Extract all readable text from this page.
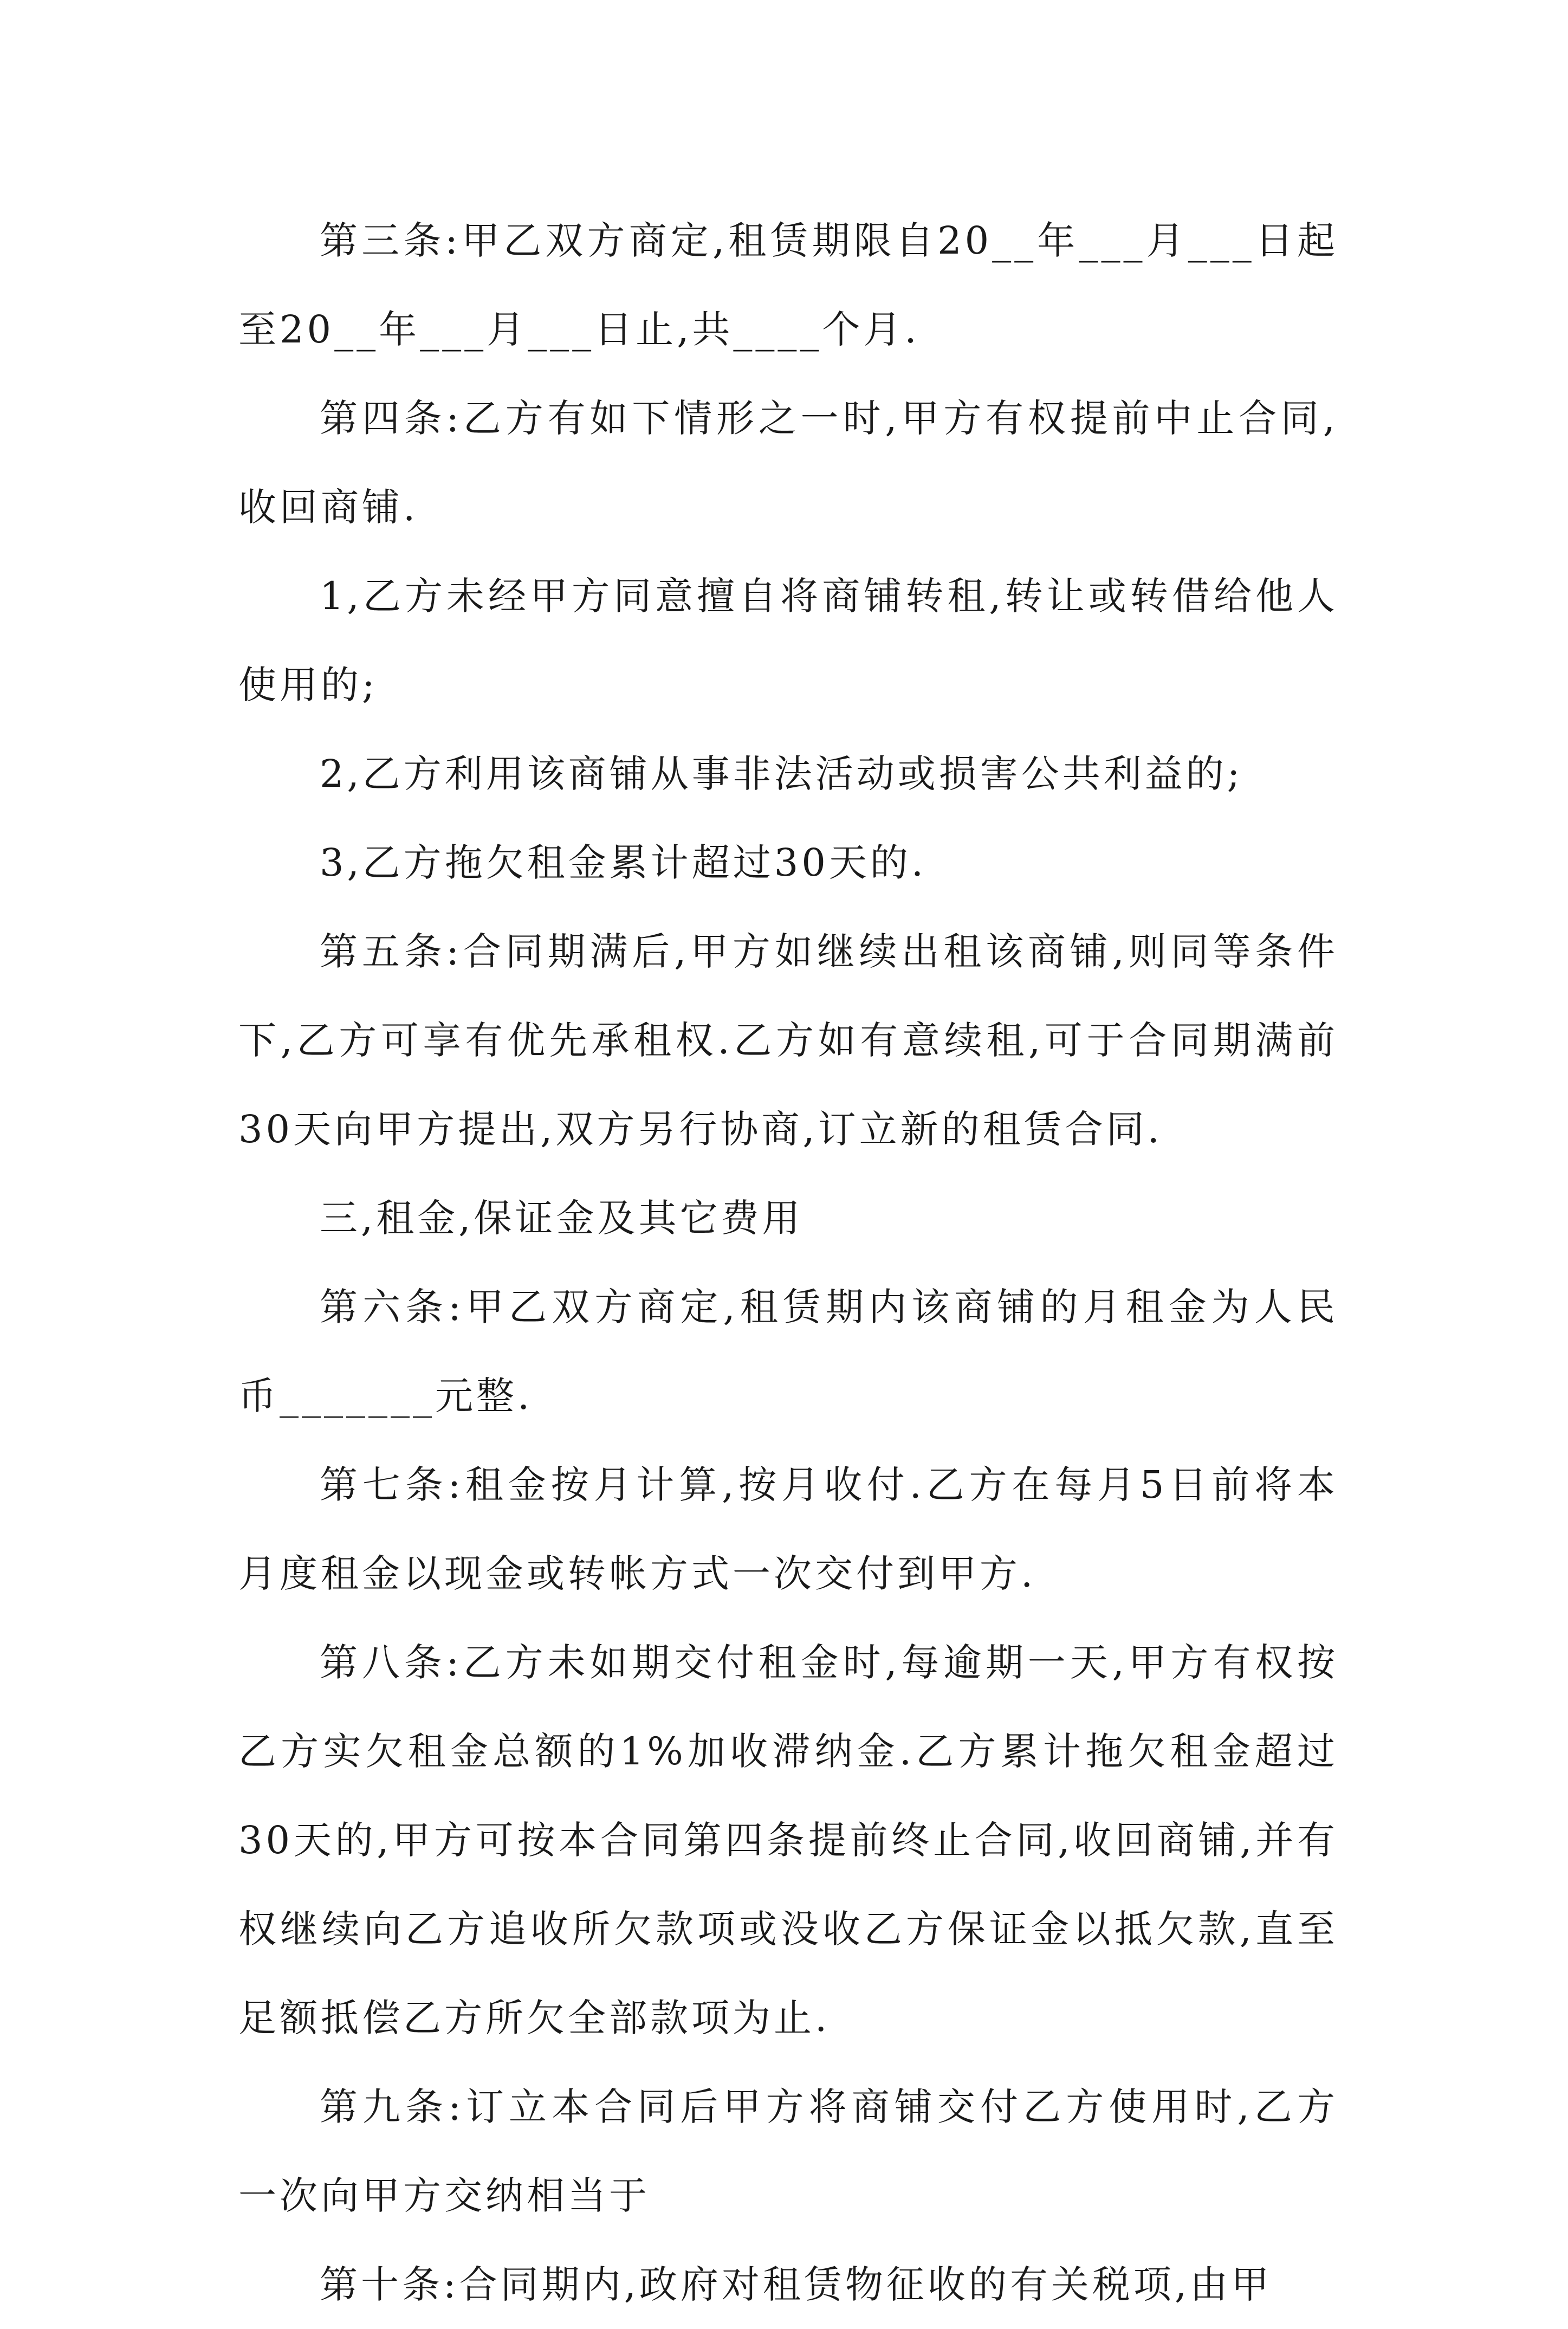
第三条:甲乙双方商定,租赁期限自20__年___月___日起至20__年___月___日止,共____个月.

第四条:乙方有如下情形之一时,甲方有权提前中止合同,收回商铺.

1,乙方未经甲方同意擅自将商铺转租,转让或转借给他人使用的;

2,乙方利用该商铺从事非法活动或损害公共利益的;

3,乙方拖欠租金累计超过30天的.

第五条:合同期满后,甲方如继续出租该商铺,则同等条件下,乙方可享有优先承租权.乙方如有意续租,可于合同期满前30天向甲方提出,双方另行协商,订立新的租赁合同.

三,租金,保证金及其它费用

第六条:甲乙双方商定,租赁期内该商铺的月租金为人民币_______元整.

第七条:租金按月计算,按月收付.乙方在每月5日前将本月度租金以现金或转帐方式一次交付到甲方.

第八条:乙方未如期交付租金时,每逾期一天,甲方有权按乙方实欠租金总额的1%加收滞纳金.乙方累计拖欠租金超过30天的,甲方可按本合同第四条提前终止合同,收回商铺,并有权继续向乙方追收所欠款项或没收乙方保证金以抵欠款,直至足额抵偿乙方所欠全部款项为止.

第九条:订立本合同后甲方将商铺交付乙方使用时,乙方一次向甲方交纳相当于

第十条:合同期内,政府对租赁物征收的有关税项,由甲
